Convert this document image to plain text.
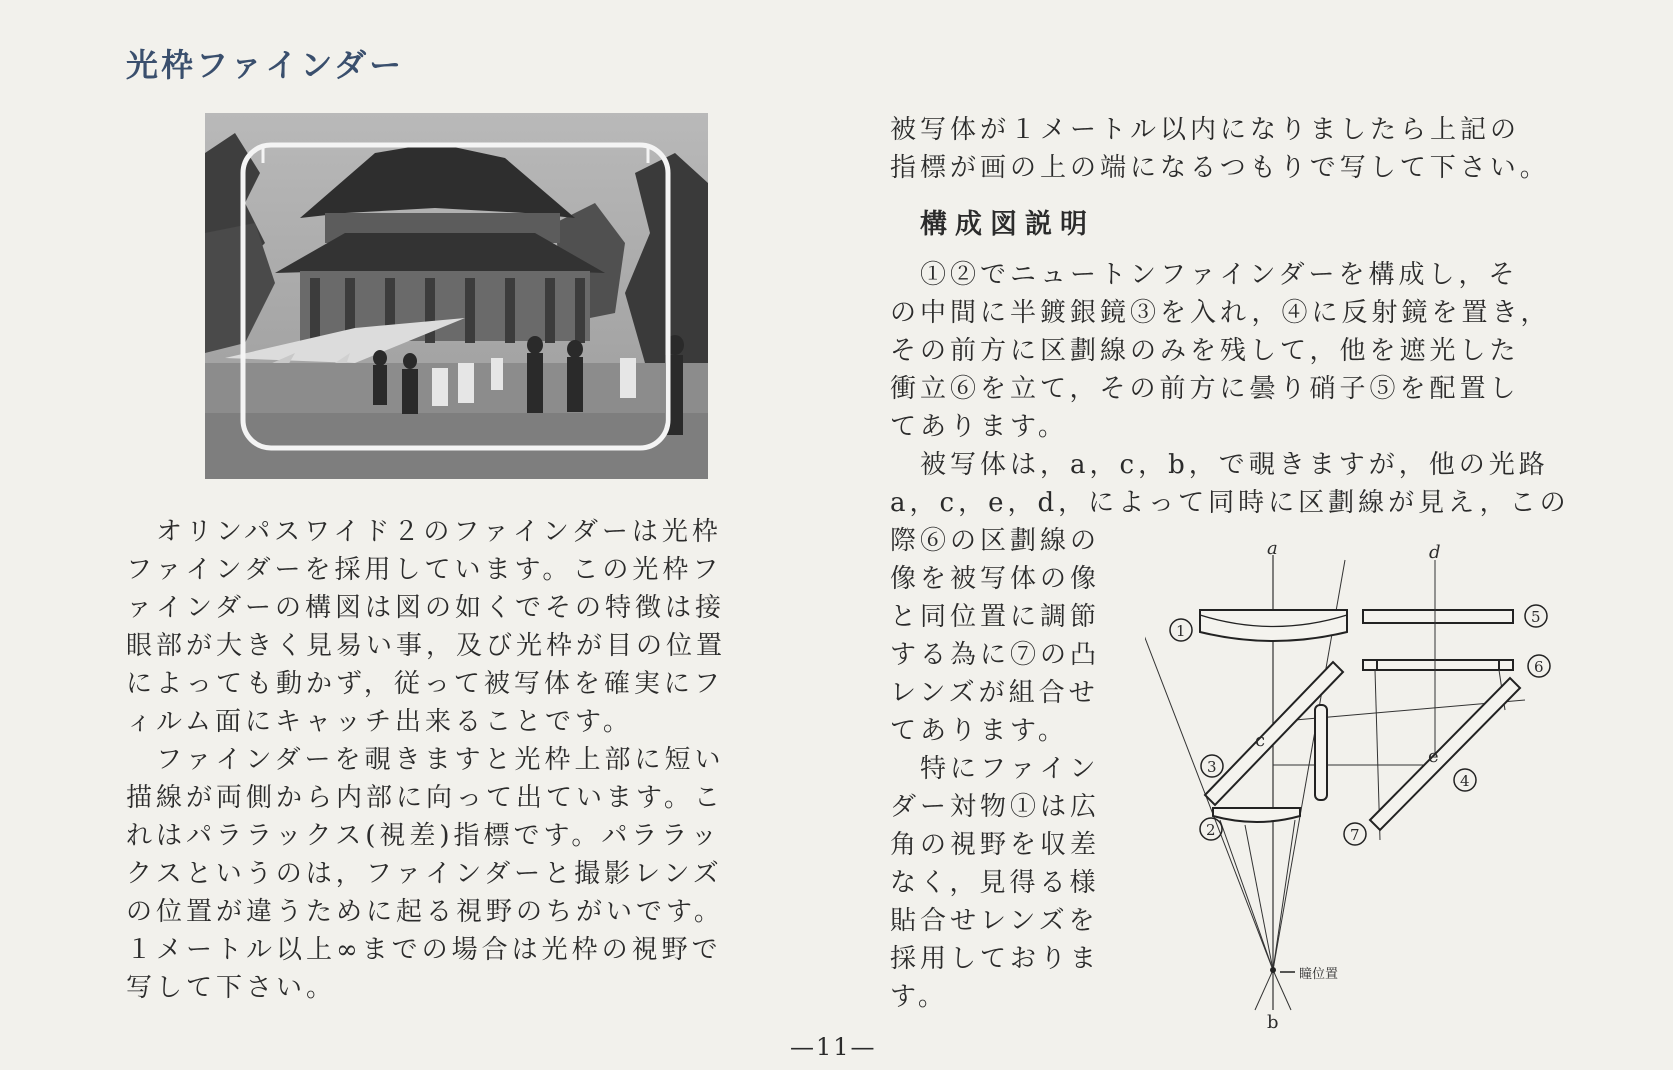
光枠ファインダー

　オリンパスワイド２のファインダーは光枠

ファインダーを採用しています。この光枠フ

ァインダーの構図は図の如くでその特徴は接

眼部が大きく見易い事，及び光枠が目の位置

によっても動かず，従って被写体を確実にフ

ィルム面にキャッチ出来ることです。

　ファインダーを覗きますと光枠上部に短い

描線が両側から内部に向って出ています。こ

れはパララックス(視差)指標です。パララッ

クスというのは，ファインダーと撮影レンズ

の位置が違うために起る視野のちがいです。

１メートル以上∞までの場合は光枠の視野で

写して下さい。

被写体が１メートル以内になりましたら上記の

指標が画の上の端になるつもりで写して下さい。

構成図説明

　①②でニュートンファインダーを構成し，そ

の中間に半鍍銀鏡③を入れ，④に反射鏡を置き，

その前方に区劃線のみを残して，他を遮光した

衝立⑥を立て，その前方に曇り硝子⑤を配置し

てあります。

　被写体は，a，c，b，で覗きますが，他の光路

a，c，e，d，によって同時に区劃線が見え，この

際⑥の区劃線の

像を被写体の像

と同位置に調節

する為に⑦の凸

レンズが組合せ

てあります。

　特にファイン

ダー対物①は広

角の視野を収差

なく，見得る様

貼合せレンズを

採用しておりま

す。

a
b
c
d
e
瞳位置
1
2
3
4
5
6
7
—11—
